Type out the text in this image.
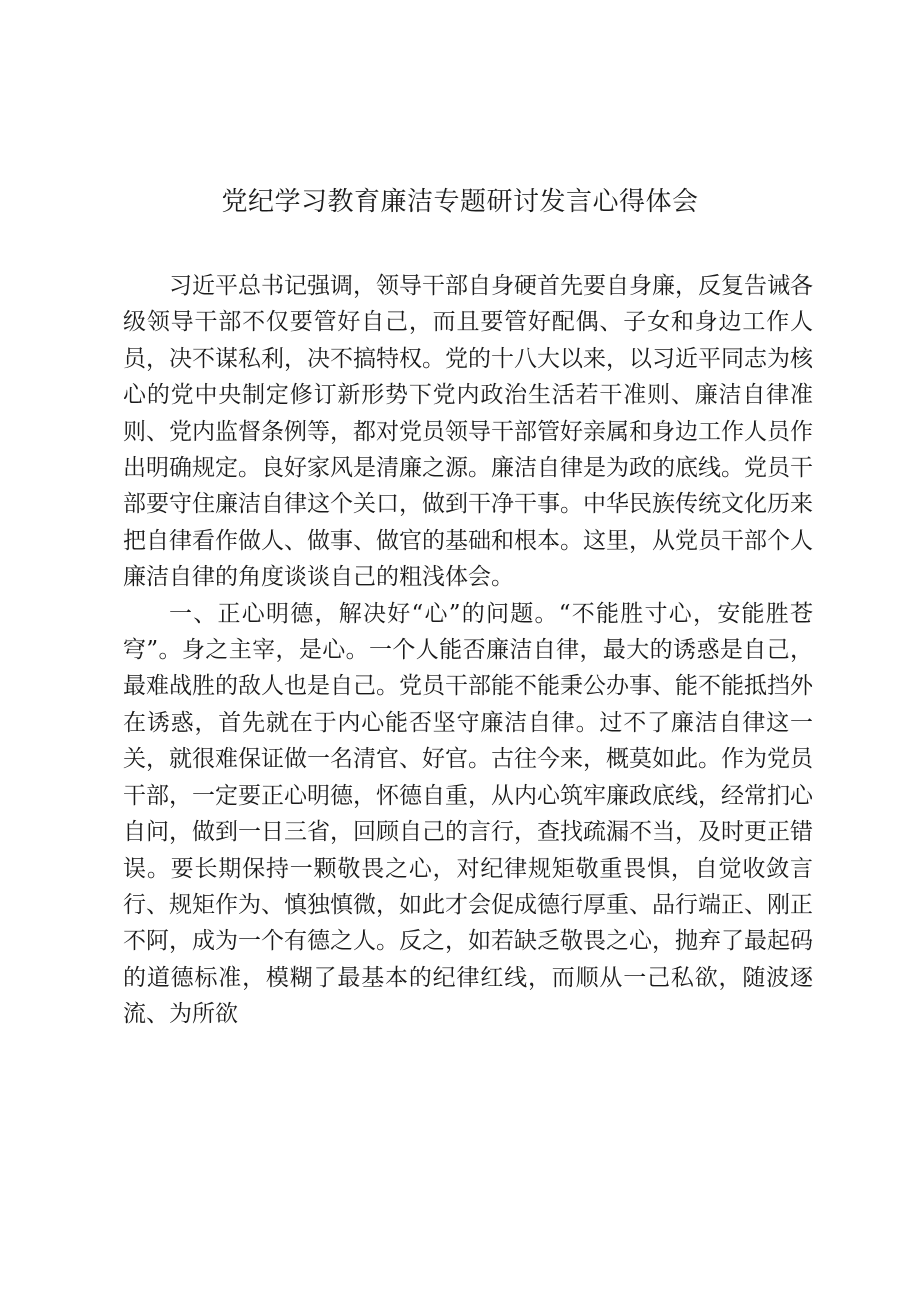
党纪学习教育廉洁专题研讨发言心得体会

习近平总书记强调，领导干部自身硬首先要自身廉，反复告诫各级领导干部不仅要管好自己，而且要管好配偶、子女和身边工作人员，决不谋私利，决不搞特权。党的十八大以来，以习近平同志为核心的党中央制定修订新形势下党内政治生活若干准则、廉洁自律准则、党内监督条例等，都对党员领导干部管好亲属和身边工作人员作出明确规定。良好家风是清廉之源。廉洁自律是为政的底线。党员干部要守住廉洁自律这个关口，做到干净干事。中华民族传统文化历来把自律看作做人、做事、做官的基础和根本。这里，从党员干部个人廉洁自律的角度谈谈自己的粗浅体会。

一、正心明德，解决好“心”的问题。“不能胜寸心，安能胜苍穹”。身之主宰，是心。一个人能否廉洁自律，最大的诱惑是自己，最难战胜的敌人也是自己。党员干部能不能秉公办事、能不能抵挡外在诱惑，首先就在于内心能否坚守廉洁自律。过不了廉洁自律这一关，就很难保证做一名清官、好官。古往今来，概莫如此。作为党员干部，一定要正心明德，怀德自重，从内心筑牢廉政底线，经常扪心自问，做到一日三省，回顾自己的言行，查找疏漏不当，及时更正错误。要长期保持一颗敬畏之心，对纪律规矩敬重畏惧，自觉收敛言行、规矩作为、慎独慎微，如此才会促成德行厚重、品行端正、刚正不阿，成为一个有德之人。反之，如若缺乏敬畏之心，抛弃了最起码的道德标准，模糊了最基本的纪律红线，而顺从一己私欲，随波逐流、为所欲
